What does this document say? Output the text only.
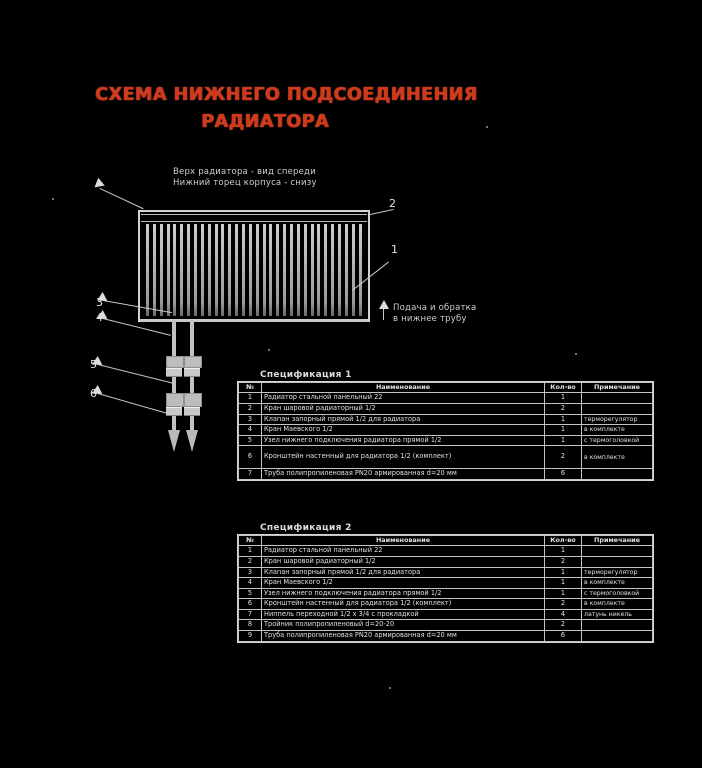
СХЕМА НИЖНЕГО ПОДСОЕДИНЕНИЯ
РАДИАТОРА
Верх радиатора - вид спереди
Нижний торец корпуса - снизу
1
2
3
4
5
6
Подача и обратка
в нижнее трубу
Спецификация 1
№	Наименование	Кол-во	Примечание
1	Радиатор стальной панельный 22	1	
2	Кран шаровой радиаторный 1/2	2	
3	Клапан запорный прямой 1/2 для радиатора	1	терморегулятор
4	Кран Маевского 1/2	1	в комплекте
5	Узел нижнего подключения радиатора прямой 1/2	1	с термоголовкой
6	Кронштейн настенный для радиатора 1/2 (комплект)	2	в комплекте
7	Труба полипропиленовая PN20 армированная d=20 мм	6	
Спецификация 2
№	Наименование	Кол-во	Примечание
1	Радиатор стальной панельный 22	1	
2	Кран шаровой радиаторный 1/2	2	
3	Клапан запорный прямой 1/2 для радиатора	1	терморегулятор
4	Кран Маевского 1/2	1	в комплекте
5	Узел нижнего подключения радиатора прямой 1/2	1	с термоголовкой
6	Кронштейн настенный для радиатора 1/2 (комплект)	2	в комплекте
7	Ниппель переходной 1/2 х 3/4 с прокладкой	4	латунь никель
8	Тройник полипропиленовый d=20-20	2	
9	Труба полипропиленовая PN20 армированная d=20 мм	6	
